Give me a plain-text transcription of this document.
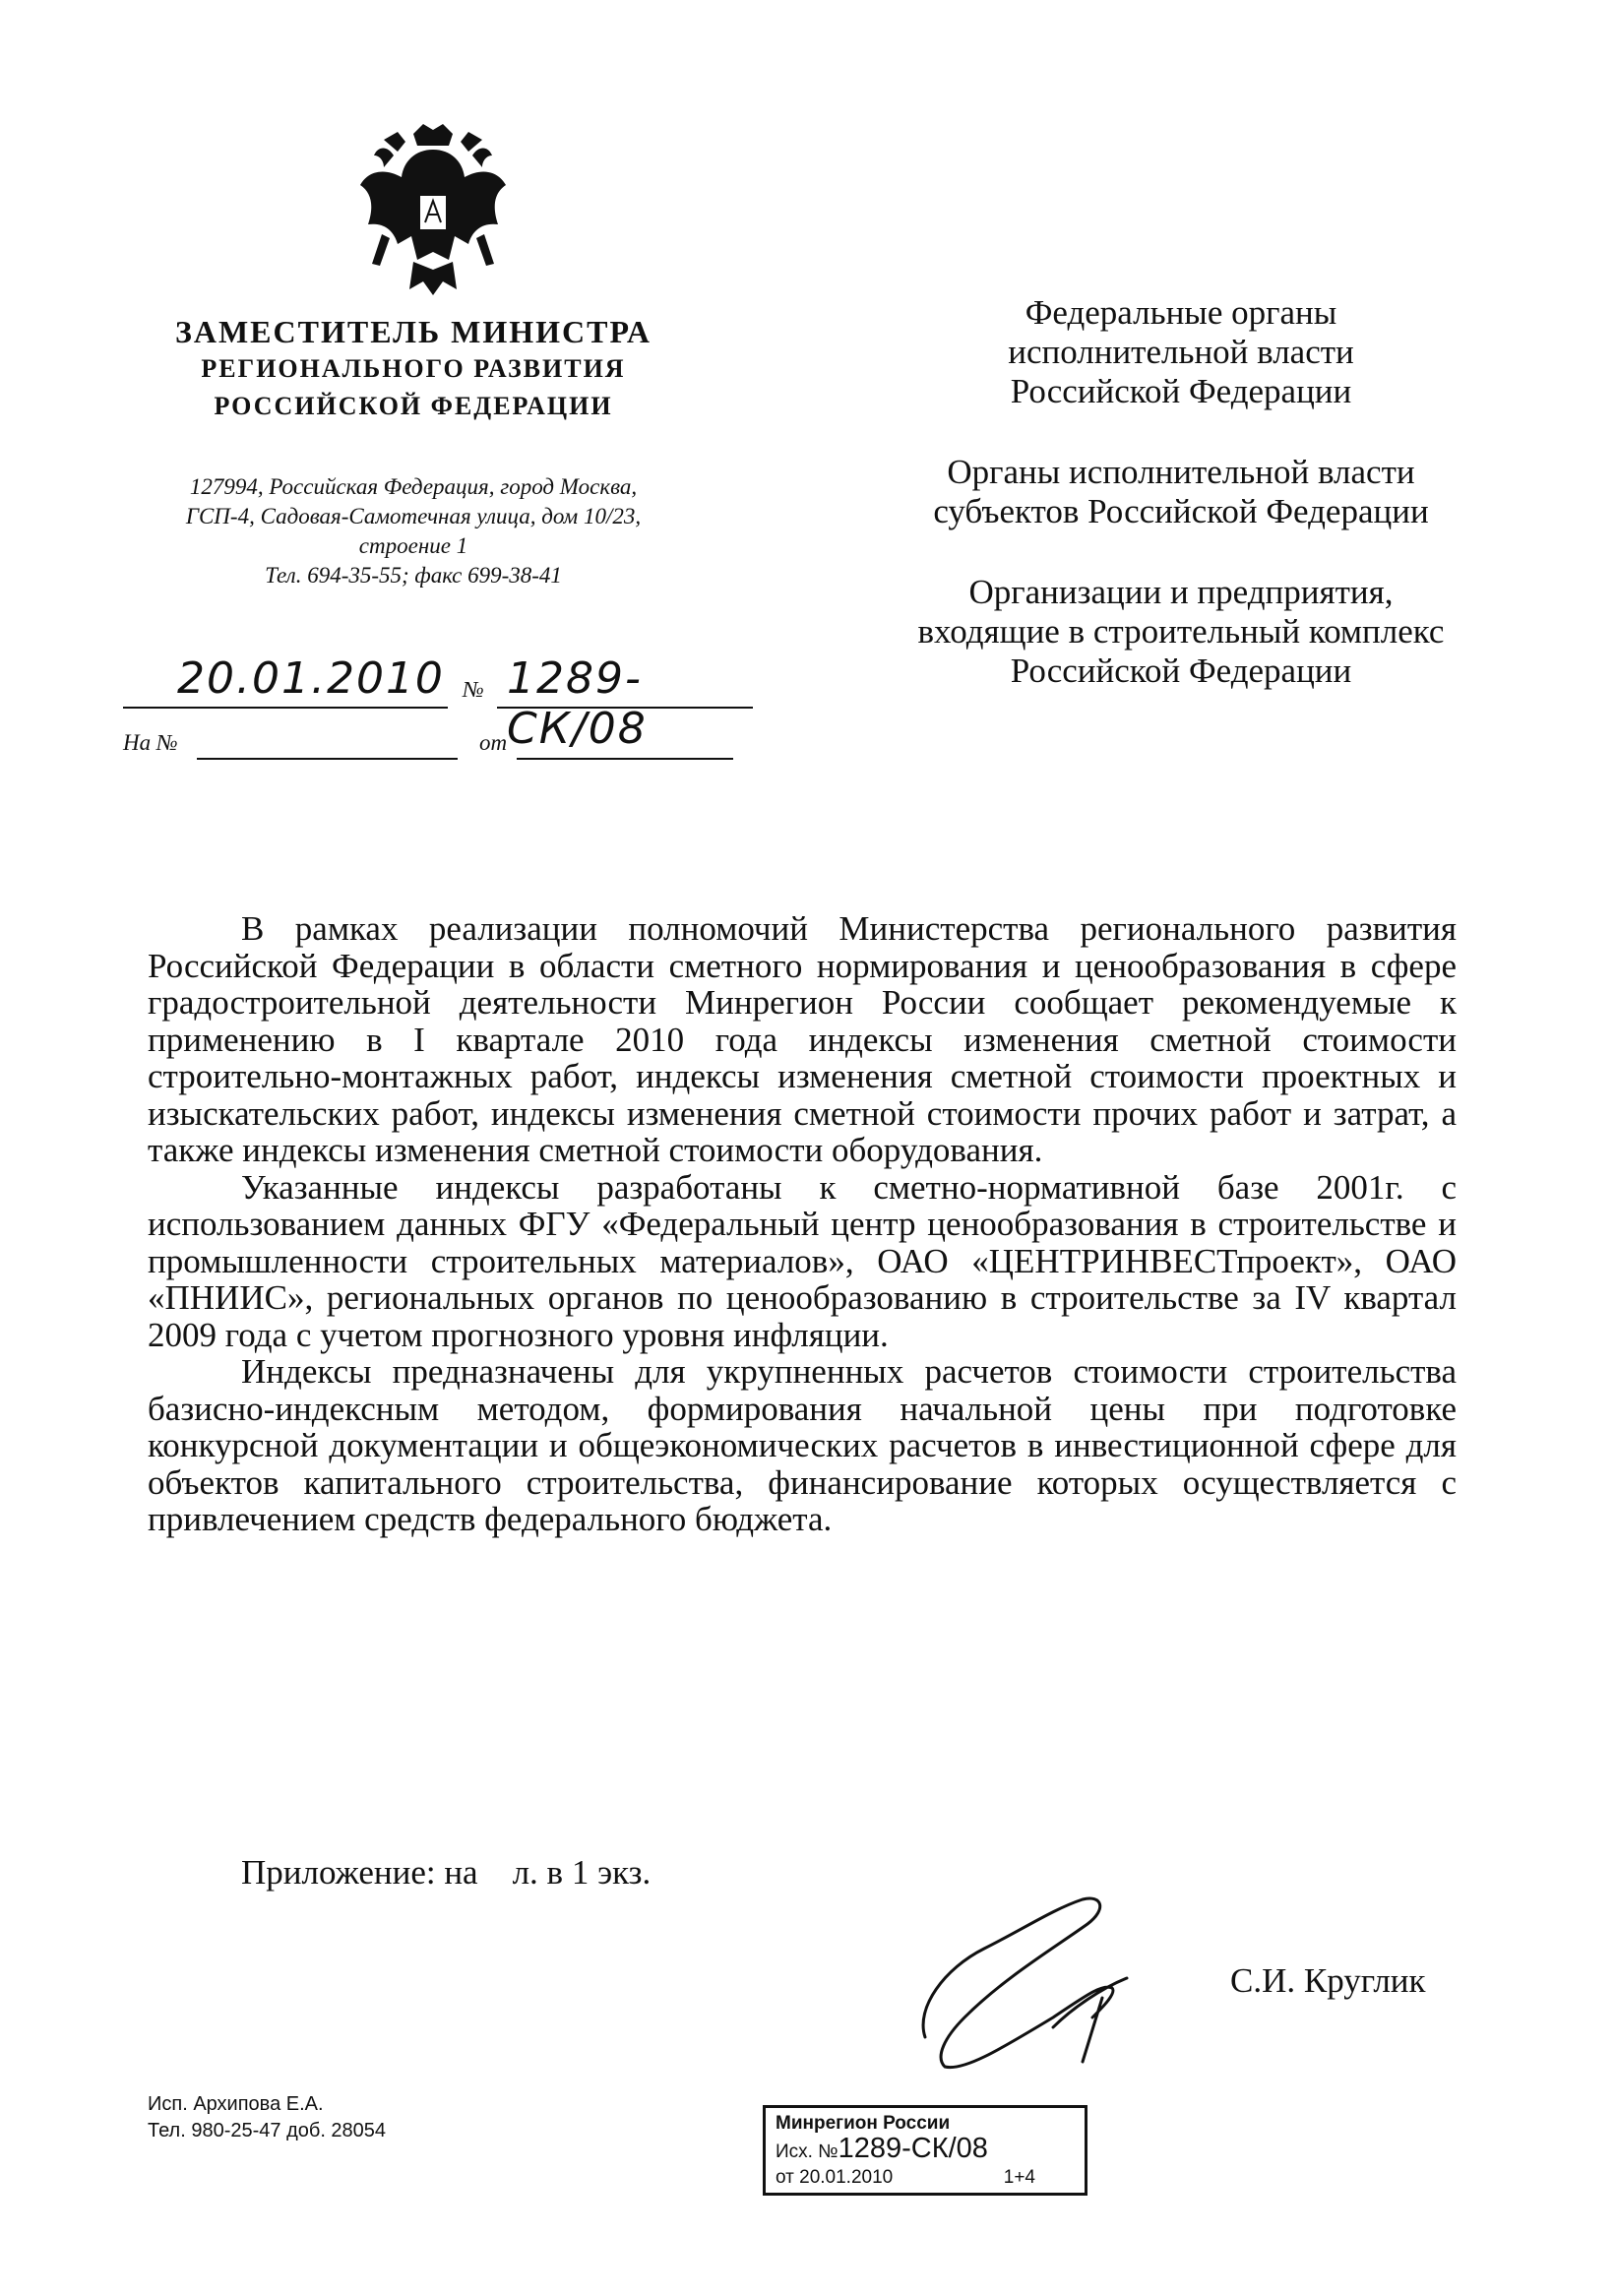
ЗАМЕСТИТЕЛЬ МИНИСТРА
РЕГИОНАЛЬНОГО РАЗВИТИЯ
РОССИЙСКОЙ ФЕДЕРАЦИИ
127994, Российская Федерация, город Москва,
ГСП-4, Садовая-Самотечная улица, дом 10/23,
строение 1
Тел. 694-35-55; факс 699-38-41
20.01.2010 № 1289-СК/08
На №	от
Федеральные органы
исполнительной власти
Российской Федерации
Органы исполнительной власти
субъектов Российской Федерации
Организации и предприятия,
входящие в строительный комплекс
Российской Федерации

В рамках реализации полномочий Министерства регионального развития Российской Федерации в области сметного нормирования и ценообразования в сфере градостроительной деятельности Минрегион России сообщает рекомендуемые к применению в I квартале 2010 года индексы изменения сметной стоимости строительно-монтажных работ, индексы изменения сметной стоимости проектных и изыскательских работ, индексы изменения сметной стоимости прочих работ и затрат, а также индексы изменения сметной стоимости оборудования.

Указанные индексы разработаны к сметно-нормативной базе 2001г. с использованием данных ФГУ «Федеральный центр ценообразования в строительстве и промышленности строительных материалов», ОАО «ЦЕНТРИНВЕСТпроект», ОАО «ПНИИС», региональных органов по ценообразованию в строительстве за IV квартал 2009 года с учетом прогнозного уровня инфляции.

Индексы предназначены для укрупненных расчетов стоимости строительства базисно-индексным методом, формирования начальной цены при подготовке конкурсной документации и общеэкономических расчетов в инвестиционной сфере для объектов капитального строительства, финансирование которых осуществляется с привлечением средств федерального бюджета.

Приложение: на    л. в 1 экз.
С.И. Круглик
Исп. Архипова Е.А.
Тел. 980-25-47 доб. 28054	Минрегион России
Исх. №1289-СК/08
от 20.01.2010	1+4
